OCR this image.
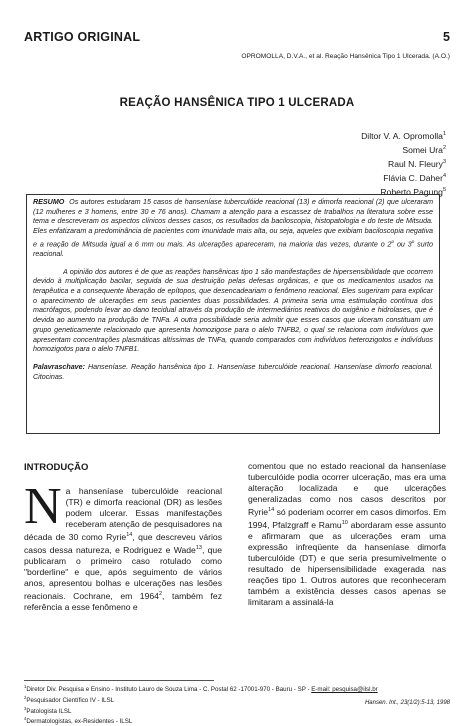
ARTIGO ORIGINAL	5
OPROMOLLA, D.V.A., et al. Reação Hansênica Tipo 1 Ulcerada. (A.O.)
REAÇÃO HANSÊNICA TIPO 1 ULCERADA
Diltor V. A. Opromolla$^1$
Somei Ura$^2$
Raul N. Fleury$^3$
Flávia C. Daher$^4$
Roberto Pagung$^5$

RESUMO Os autores estudaram 15 casos de hanseníase tuberculóide reacional (13) e dimorfa reacional (2) que ulceraram (12 mulheres e 3 homens, entre 30 e 76 anos). Chamam a atenção para a escassez de trabalhos na literatura sobre esse tema e descreveram os aspectos clínicos desses casos, os resultados da baciloscopia, histopatologia e do teste de Mitsuda. Eles enfatizaram a predominância de pacientes com imunidade mais alta, ou seja, aqueles que exibiam baciloscopia negativa e a reação de Mitsuda igual a 6 mm ou mais. As ulcerações apareceram, na maioria das vezes, durante o 2$^o$ ou 3$^o$ surto reacional.

A opinião dos autores é de que as reações hansênicas tipo 1 são manifestações de hipersensibilidade que ocorrem devido à multiplicação bacilar, seguida de sua destruição pelas defesas orgânicas, e que os medicamentos usados na terapêutica e a consequente liberação de epítopos, que desencadeariam o fenômeno reacional. Eles sugeriram para explicar o aparecimento de ulcerações em seus pacientes duas possibilidades. A primeira seria uma estimulação contínua dos macrófagos, podendo levar ao dano tecidual através da produção de intermediários reativos do oxigênio e hidrolases, que é devida ao aumento na produção de TNFa. A outra possibilidade seria admitir que esses casos que ulceram constituam um grupo geneticamente relacionado que apresenta homozigose para o alelo TNFB2, o qual se relaciona com indivíduos que apresentam concentrações plasmáticas altíssimas de TNFa, quando comparados com indivíduos heterozigotos e indivíduos homozigotos para o alelo TNFB1.

Palavraschave: Hanseníase. Reação hansênica tipo 1. Hanseníase tuberculóide reacional. Hanseníase dimorfo reacional. Citocinas.

INTRODUÇÃO

Na hanseníase tuberculóide reacional (TR) e dimorfa reacional (DR) as lesões podem ulcerar. Essas manifestações receberam atenção de pesquisadores na década de 30 como Ryrie$^{14}$, que descreveu vários casos dessa natureza, e Rodriguez e Wade$^{13}$, que publicaram o primeiro caso rotulado como "borderline" e que, após seguimento de vários anos, apresentou bolhas e ulcerações nas lesões reacionais. Cochrane, em 1964$^2$, também fez referência a esse fenômeno e

comentou que no estado reacional da hanseníase tuberculóide podia ocorrer ulceração, mas era uma alteração localizada e que ulcerações generalizadas como nos casos descritos por Ryrie$^{14}$ só poderiam ocorrer em casos dimorfos. Em 1994, Pfalzgraff e Ramu$^{10}$ abordaram esse assunto e afirmaram que as ulcerações eram uma expressão infreqüente da hanseníase dimorfa tuberculóide (DT) e que seria presumivelmente o resultado de hipersensibilidade exagerada nas reações tipo 1. Outros autores que reconheceram também a existência desses casos apenas se limitaram a assinalá-la

$^1$Diretor Div. Pesquisa e Ensino - Instituto Lauro de Souza Lima - C. Postal 62 -17001-970 - Bauru - SP - E-mail: pesquisa@ilsl.br
$^2$Pesquisador Científico IV - ILSL
$^3$Patologista ILSL
$^4$Dermatologistas, ex-Residentes - ILSL
Hansen. Int., 23(1/2):5-13, 1998
